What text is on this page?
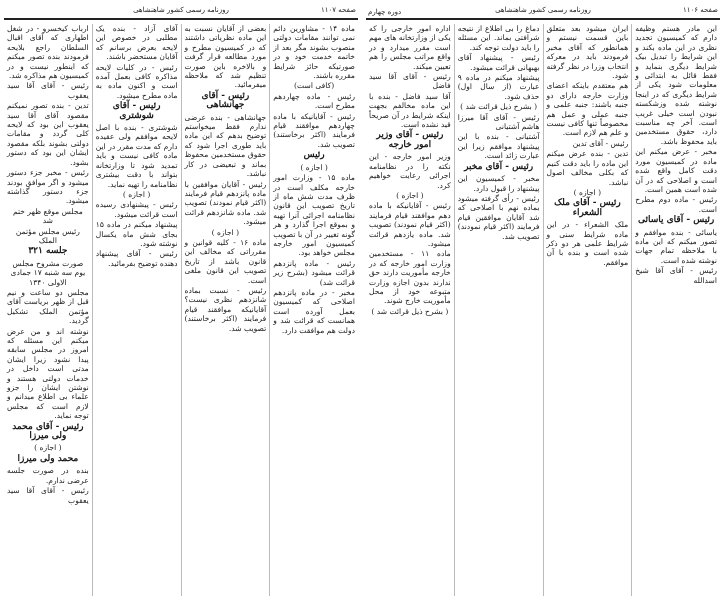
صفحه ۱۱۰۷
روزنامه رسمی کشور شاهنشاهی

ماده ۱۴ - مشاورین دائم نمی توانند مقامات دولتی منصوب بشوند مگر بعد از خاتمه خدمت خود و در صورتیکه حائز شرایط مقرره باشند.

(کافی است)

رئیس - ماده چهاردهم مطرح است.

رئیس - آقایانیکه با ماده چهاردهم موافقند قیام فرمایند (اکثر برخاستند) تصویب شد.

رئیس

( اجازه )

ماده ۱۵ - وزارت امور خارجه مکلف است در ظرف مدت شش ماه از تاریخ تصویب این قانون نظامنامه اجرائی آنرا تهیه و بموقع اجرا گذارد و هر گونه تغییر در آن با تصویب کمیسیون امور خارجه مجلس خواهد بود.

رئیس - ماده پانزدهم قرائت میشود (بشرح زیر قرائت شد)

مخبر - در ماده پانزدهم اصلاحی که کمیسیون بعمل آورده است همانست که قرائت شد و دولت هم موافقت دارد.

بعضی از آقایان نسبت به این ماده نظریاتی داشتند که در کمیسیون مطرح و مورد مطالعه قرار گرفت و بالاخره باین صورت تنظیم شد که ملاحظه میفرمائید.

رئیس - آقای جهانشاهی

جهانشاهی - بنده عرضی ندارم فقط میخواستم توضیح بدهم که این ماده باید طوری اجرا شود که حقوق مستخدمین محفوظ بماند و تبعیضی در کار نباشد.

رئیس - آقایان موافقین با ماده پانزدهم قیام فرمایند (اکثر قیام نمودند) تصویب شد. ماده شانزدهم قرائت میشود.

( اجازه )

ماده ۱۶ - کلیه قوانین و مقرراتی که مخالف این قانون باشد از تاریخ تصویب این قانون ملغی است.

رئیس - نسبت بماده شانزدهم نظری نیست؟ آقایانیکه موافقند قیام فرمایند (اکثر برخاستند) تصویب شد.

آقای آزاد - بنده یک مطلبی در خصوص این لایحه بعرض برسانم که آقایان مستحضر باشند.

رئیس - در کلیات لایحه مذاکره کافی بعمل آمده است و اکنون ماده به ماده مطرح میشود.

رئیس - آقای شوشتری

شوشتری - بنده با اصل لایحه موافقم ولی عقیده دارم که مدت مقرر در این ماده کافی نیست و باید تمدید شود تا وزارتخانه بتواند با دقت بیشتری نظامنامه را تهیه نماید.

( اجازه )

رئیس - پیشنهادی رسیده است قرائت میشود.

پیشنهاد میکنم در ماده ۱۵ بجای شش ماه یکسال نوشته شود.

رئیس - آقای پیشنهاد دهنده توضیح بفرمائید.

ارباب کیخسرو - در شغل اطهاری که آقای اقبال السلطان راجع بلایحه فرمودند بنده تصور میکنم که اینطور نیست و در کمیسیون هم مذاکره شد.

رئیس - آقای آقا سید یعقوب

تدین - بنده تصور نمیکنم مقصود آقای آقا سید یعقوب این بود که لایحه کلی گردد و مقامات دولتی بشوند بلکه مقصود ایشان این بود که دستور بشود.

رئیس - مخبر جزء دستور میشود و اگر موافق بودند جزء دستور گذاشته میشود.

مجلس موقع ظهر ختم شد

رئیس مجلس مؤتمن الملک

جلسه ۳۲۱

صورت مشروح مجلس یوم سه شنبه ۱۷ جمادی الاولی ۱۳۴۰

مجلس دو ساعت و نیم قبل از ظهر بریاست آقای مؤتمن الملک تشکیل گردید.

نوشته اند و من عرض میکنم این مسئله که امروز در مجلس سابقه پیدا نشود زیرا ایشان مدتی است داخل در خدمات دولتی هستند و نوشتن ایشان را جزو علماء بی اطلاع میدانم و لازم است که مجلس توجه نماید.

رئیس - آقای محمد ولی میرزا

( اجازه )

محمد ولی میرزا

بنده در صورت جلسه عرضی ندارم.

رئیس - آقای آقا سید یعقوب

صفحه ۱۱۰۶
روزنامه رسمی کشور شاهنشاهی
دوره چهارم

این مادر هستم وظیفه دارم که کمیسیون تجدید نظری در این ماده بکند و این شرایط را تبدیل بیک شرایط دیگری بنماید و فقط قائل به ابتدائی و معلومات شود یکی از شرایط دیگری که در اینجا نوشته شده وزشکسته نبودن است خیلی غریب است. آخر چه مناسبت دارد، حقوق مستخدمین باید محفوظ باشد.

مخبر - عرض میکنم این ماده در کمیسیون مورد دقت کامل واقع شده است و اصلاحی که در آن شده است همین است.

رئیس - ماده دوم مطرح است.

رئیس - آقای یاسائی

یاسائی - بنده موافقم و تصور میکنم که این ماده با ملاحظه تمام جهات نوشته شده است.

رئیس - آقای آقا شیخ اسدالله

ایران میشود بعد متعلق باین قسمت نیستم و همانطور که آقای مخبر فرمودند باید در معرکه انتخاب وزرا در نظر گرفته شود.

هم معتقدم باینکه اعضای وزارت خارجه دارای دو جنبه باشند: جنبه علمی و جنبه عملی و عمل هم مخصوصاً تنها کافی نیست و علم هم لازم است.

رئیس - آقای تدین

تدین - بنده عرض میکنم این ماده را باید دقت کنیم که بکلی مخالف اصول نباشد.

( اجازه )

رئیس - آقای ملک الشعراء

ملک الشعراء - در این ماده شرایط سنی و شرایط علمی هر دو ذکر شده است و بنده با آن موافقم.

دماغ را بی اطلاع از نتیجه شرافتی بماند. این مسئله را باید دولت توجه کند.

رئیس - پیشنهاد آقای بهبهانی قرائت میشود.

پیشنهاد میکنم در ماده ۹ عبارت (از سال اول) حذف شود.

( بشرح ذیل قرائت شد )

رئیس - آقای آقا میرزا هاشم آشتیانی

آشتیانی - بنده با این پیشنهاد موافقم زیرا این عبارت زائد است.

رئیس - آقای مخبر

مخبر - کمیسیون این پیشنهاد را قبول دارد.

رئیس - رأی گرفته میشود بماده نهم با اصلاحی که شد آقایان موافقین قیام فرمایند (اکثر قیام نمودند) تصویب شد.

اداره امور خارجی را که یکی از وزارتخانه های مهم است مقرر میدارد و در واقع مراتب مجلس را هم تعیین میکند.

رئیس - آقای آقا سید فاضل

آقا سید فاضل - بنده با این ماده مخالفم بجهت اینکه شرایط در آن صریحاً قید نشده است.

رئیس - آقای وزیر امور خارجه

وزیر امور خارجه - این نکته را در نظامنامه اجرائی رعایت خواهیم کرد.

( اجازه )

رئیس - آقایانیکه با ماده دهم موافقند قیام فرمایند (اکثر قیام نمودند) تصویب شد. ماده یازدهم قرائت میشود.

ماده ۱۱ - مستخدمین وزارت امور خارجه که در خارجه مأموریت دارند حق ندارند بدون اجازه وزارت متبوعه خود از محل مأموریت خارج شوند.

( بشرح ذیل قرائت شد )
